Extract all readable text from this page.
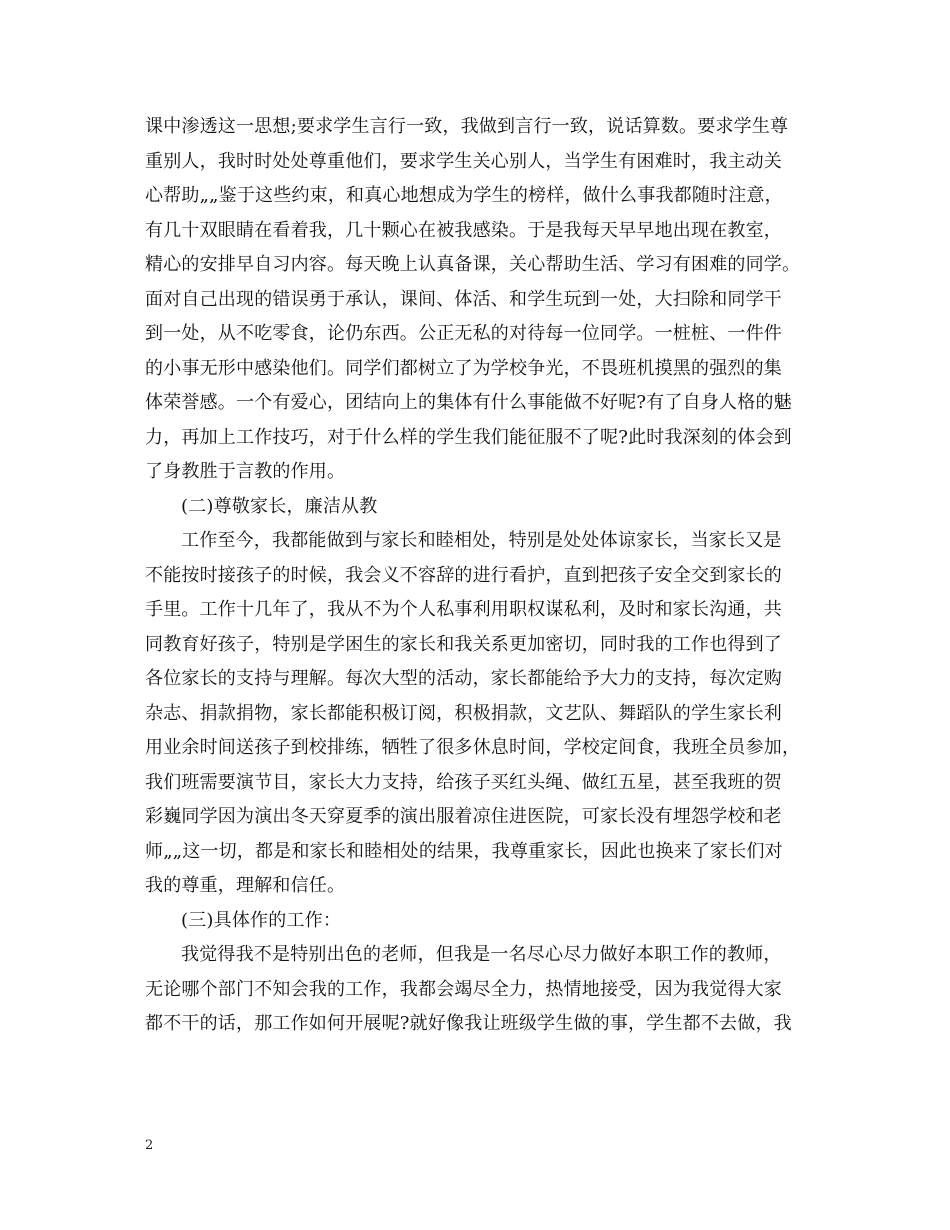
课中渗透这一思想;要求学生言行一致，我做到言行一致，说话算数。要求学生尊
重别人，我时时处处尊重他们，要求学生关心别人，当学生有困难时，我主动关
心帮助„„鉴于这些约束，和真心地想成为学生的榜样，做什么事我都随时注意，
有几十双眼睛在看着我，几十颗心在被我感染。于是我每天早早地出现在教室，
精心的安排早自习内容。每天晚上认真备课，关心帮助生活、学习有困难的同学。
面对自己出现的错误勇于承认，课间、体活、和学生玩到一处，大扫除和同学干
到一处，从不吃零食，论仍东西。公正无私的对待每一位同学。一桩桩、一件件
的小事无形中感染他们。同学们都树立了为学校争光，不畏班机摸黑的强烈的集
体荣誉感。一个有爱心，团结向上的集体有什么事能做不好呢?有了自身人格的魅
力，再加上工作技巧，对于什么样的学生我们能征服不了呢?此时我深刻的体会到
了身教胜于言教的作用。
(二)尊敬家长，廉洁从教
工作至今，我都能做到与家长和睦相处，特别是处处体谅家长，当家长又是
不能按时接孩子的时候，我会义不容辞的进行看护，直到把孩子安全交到家长的
手里。工作十几年了，我从不为个人私事利用职权谋私利，及时和家长沟通，共
同教育好孩子，特别是学困生的家长和我关系更加密切，同时我的工作也得到了
各位家长的支持与理解。每次大型的活动，家长都能给予大力的支持，每次定购
杂志、捐款捐物，家长都能积极订阅，积极捐款，文艺队、舞蹈队的学生家长利
用业余时间送孩子到校排练，牺牲了很多休息时间，学校定间食，我班全员参加，
我们班需要演节目，家长大力支持，给孩子买红头绳、做红五星，甚至我班的贺
彩巍同学因为演出冬天穿夏季的演出服着凉住进医院，可家长没有埋怨学校和老
师„„这一切，都是和家长和睦相处的结果，我尊重家长，因此也换来了家长们对
我的尊重，理解和信任。
(三)具体作的工作：
我觉得我不是特别出色的老师，但我是一名尽心尽力做好本职工作的教师，
无论哪个部门不知会我的工作，我都会竭尽全力，热情地接受，因为我觉得大家
都不干的话，那工作如何开展呢?就好像我让班级学生做的事，学生都不去做，我
2
